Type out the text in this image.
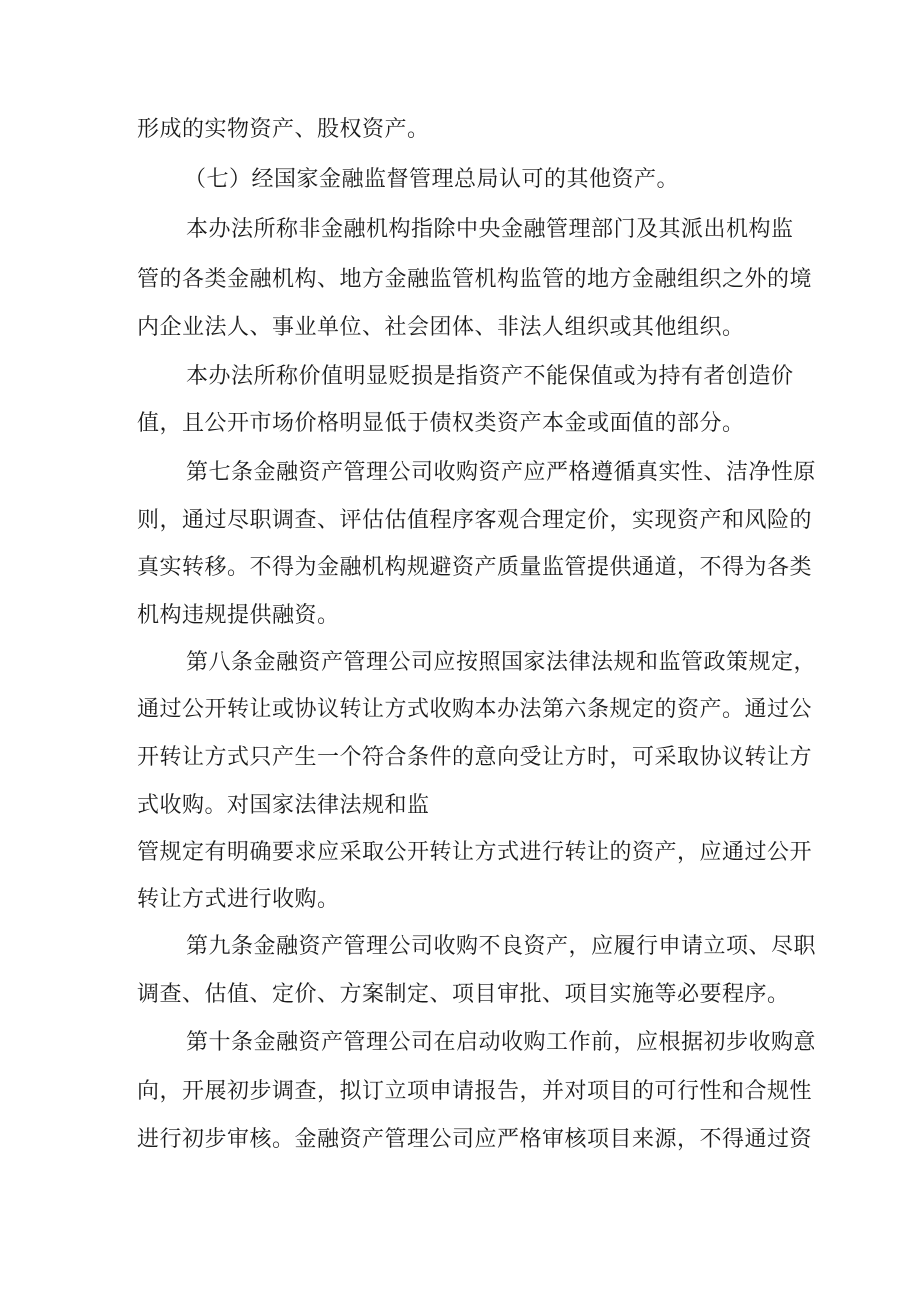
形成的实物资产、股权资产。
（七）经国家金融监督管理总局认可的其他资产。
本办法所称非金融机构指除中央金融管理部门及其派出机构监
管的各类金融机构、地方金融监管机构监管的地方金融组织之外的境
内企业法人、事业单位、社会团体、非法人组织或其他组织。
本办法所称价值明显贬损是指资产不能保值或为持有者创造价
值，且公开市场价格明显低于债权类资产本金或面值的部分。
第七条金融资产管理公司收购资产应严格遵循真实性、洁净性原
则，通过尽职调查、评估估值程序客观合理定价，实现资产和风险的
真实转移。不得为金融机构规避资产质量监管提供通道，不得为各类
机构违规提供融资。
第八条金融资产管理公司应按照国家法律法规和监管政策规定，
通过公开转让或协议转让方式收购本办法第六条规定的资产。通过公
开转让方式只产生一个符合条件的意向受让方时，可采取协议转让方
式收购。对国家法律法规和监
管规定有明确要求应采取公开转让方式进行转让的资产，应通过公开
转让方式进行收购。
第九条金融资产管理公司收购不良资产，应履行申请立项、尽职
调查、估值、定价、方案制定、项目审批、项目实施等必要程序。
第十条金融资产管理公司在启动收购工作前，应根据初步收购意
向，开展初步调查，拟订立项申请报告，并对项目的可行性和合规性
进行初步审核。金融资产管理公司应严格审核项目来源，不得通过资
